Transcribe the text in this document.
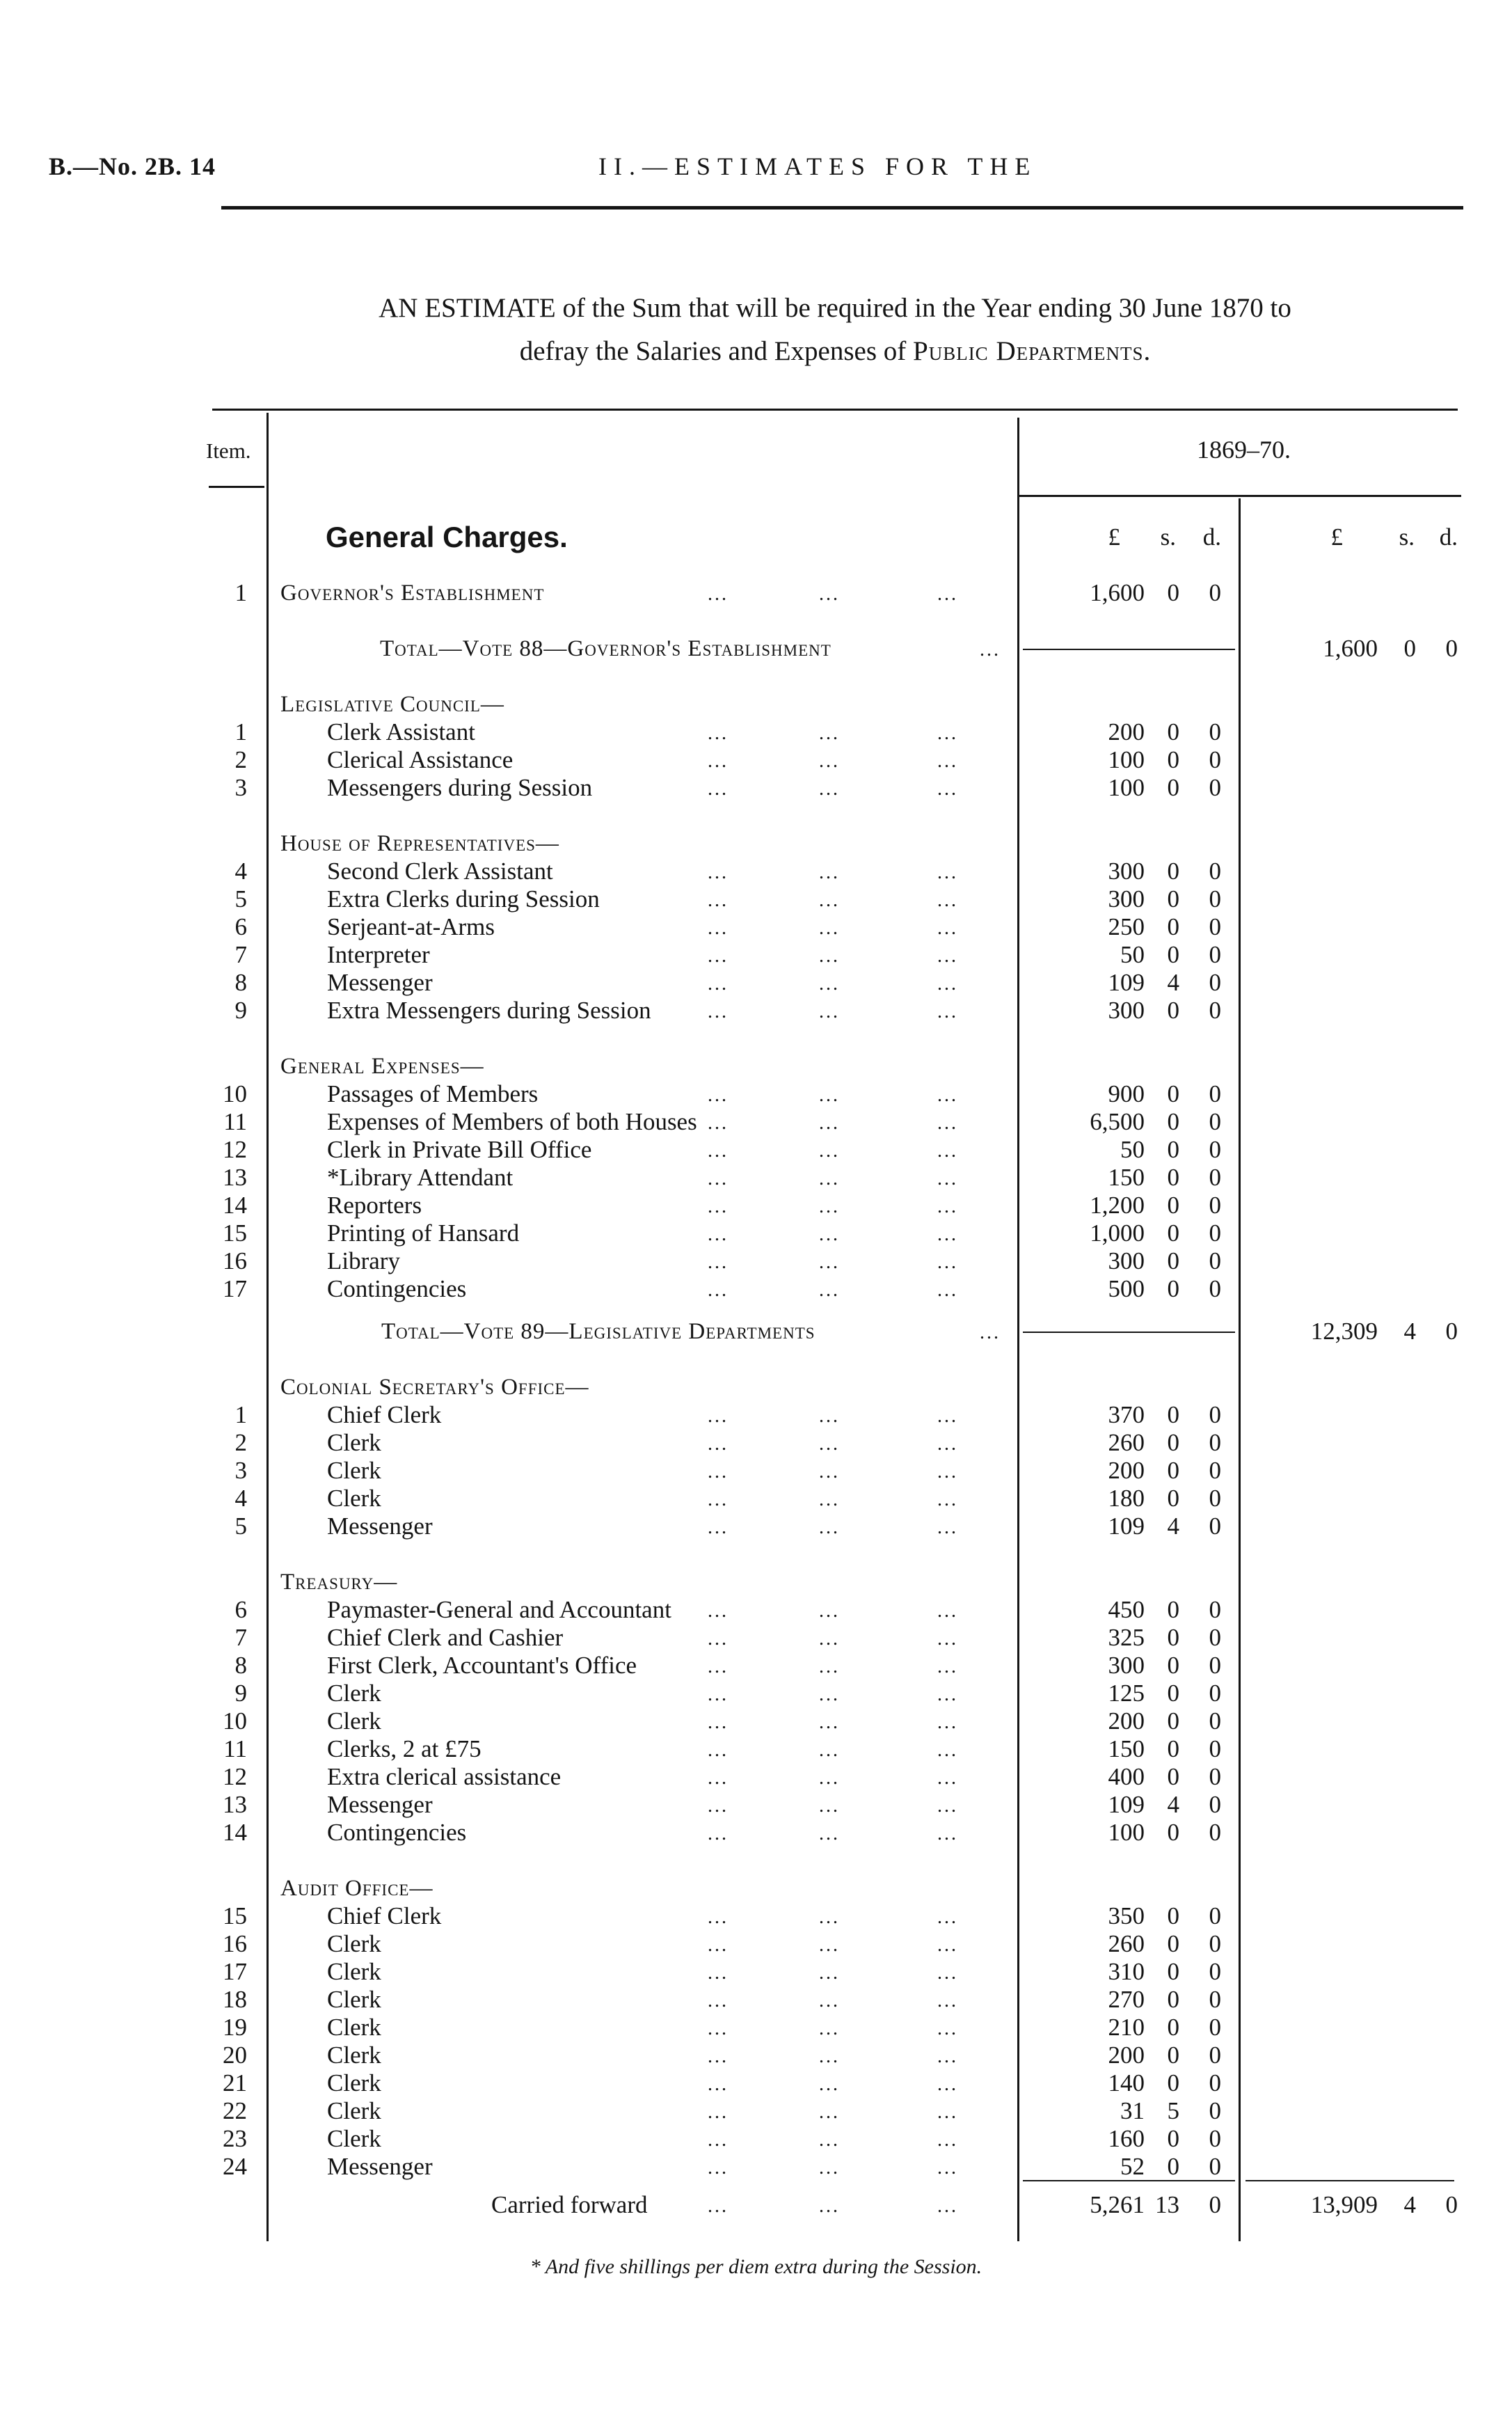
B.—No. 2B. 14	II.—ESTIMATES FOR THE
AN ESTIMATE of the Sum that will be required in the Year ending 30 June 1870 to
defray the Salaries and Expenses of Public Departments.
Item.	1869–70.
General Charges.	£	s.	d.	£	s.	d.
1 Governor's Establishment	...             ...              ...	1,600 0	0
Total—Vote 88—Governor's Establishment	...	1,600	0	0
Legislative Council—
1	Clerk Assistant	...             ...              ...	200 0	0
2	Clerical Assistance	...             ...              ...	100 0	0
3	Messengers during Session	...             ...              ...	100 0	0
House of Representatives—
4	Second Clerk Assistant	...             ...              ...	300 0	0
5	Extra Clerks during Session	...             ...              ...	300 0	0
6	Serjeant-at-Arms	...             ...              ...	250 0	0
7	Interpreter	...             ...              ...	50 0	0
8	Messenger	...             ...              ...	109 4	0
9	Extra Messengers during Session	...             ...              ...	300 0	0
General Expenses—
10	Passages of Members	...             ...              ...	900 0	0
11	Expenses of Members of both Houses ...             ...              ...	6,500 0	0
12	Clerk in Private Bill Office	...             ...              ...	50 0	0
13	*Library Attendant	...             ...              ...	150 0	0
14	Reporters	...             ...              ...	1,200 0	0
15	Printing of Hansard	...             ...              ...	1,000 0	0
16	Library	...             ...              ...	300 0	0
17	Contingencies	...             ...              ...	500 0	0
Total—Vote 89—Legislative Departments	...	12,309	4	0
Colonial Secretary's Office—
1	Chief Clerk	...             ...              ...	370 0	0
2	Clerk	...             ...              ...	260 0	0
3	Clerk	...             ...              ...	200 0	0
4	Clerk	...             ...              ...	180 0	0
5	Messenger	...             ...              ...	109 4	0
Treasury—
6	Paymaster-General and Accountant ...             ...              ...	450 0	0
7	Chief Clerk and Cashier	...             ...              ...	325 0	0
8	First Clerk, Accountant's Office	...             ...              ...	300 0	0
9	Clerk	...             ...              ...	125 0	0
10	Clerk	...             ...              ...	200 0	0
11	Clerks, 2 at £75	...             ...              ...	150 0	0
12	Extra clerical assistance	...             ...              ...	400 0	0
13	Messenger	...             ...              ...	109 4	0
14	Contingencies	...             ...              ...	100 0	0
Audit Office—
15	Chief Clerk	...             ...              ...	350 0	0
16	Clerk	...             ...              ...	260 0	0
17	Clerk	...             ...              ...	310 0	0
18	Clerk	...             ...              ...	270 0	0
19	Clerk	...             ...              ...	210 0	0
20	Clerk	...             ...              ...	200 0	0
21	Clerk	...             ...              ...	140 0	0
22	Clerk	...             ...              ...	31 5	0
23	Clerk	...             ...              ...	160 0	0
24	Messenger	...             ...              ...	52 0	0
Carried forward	...             ...              ...	5,261 13	0	13,909	4	0
* And five shillings per diem extra during the Session.
